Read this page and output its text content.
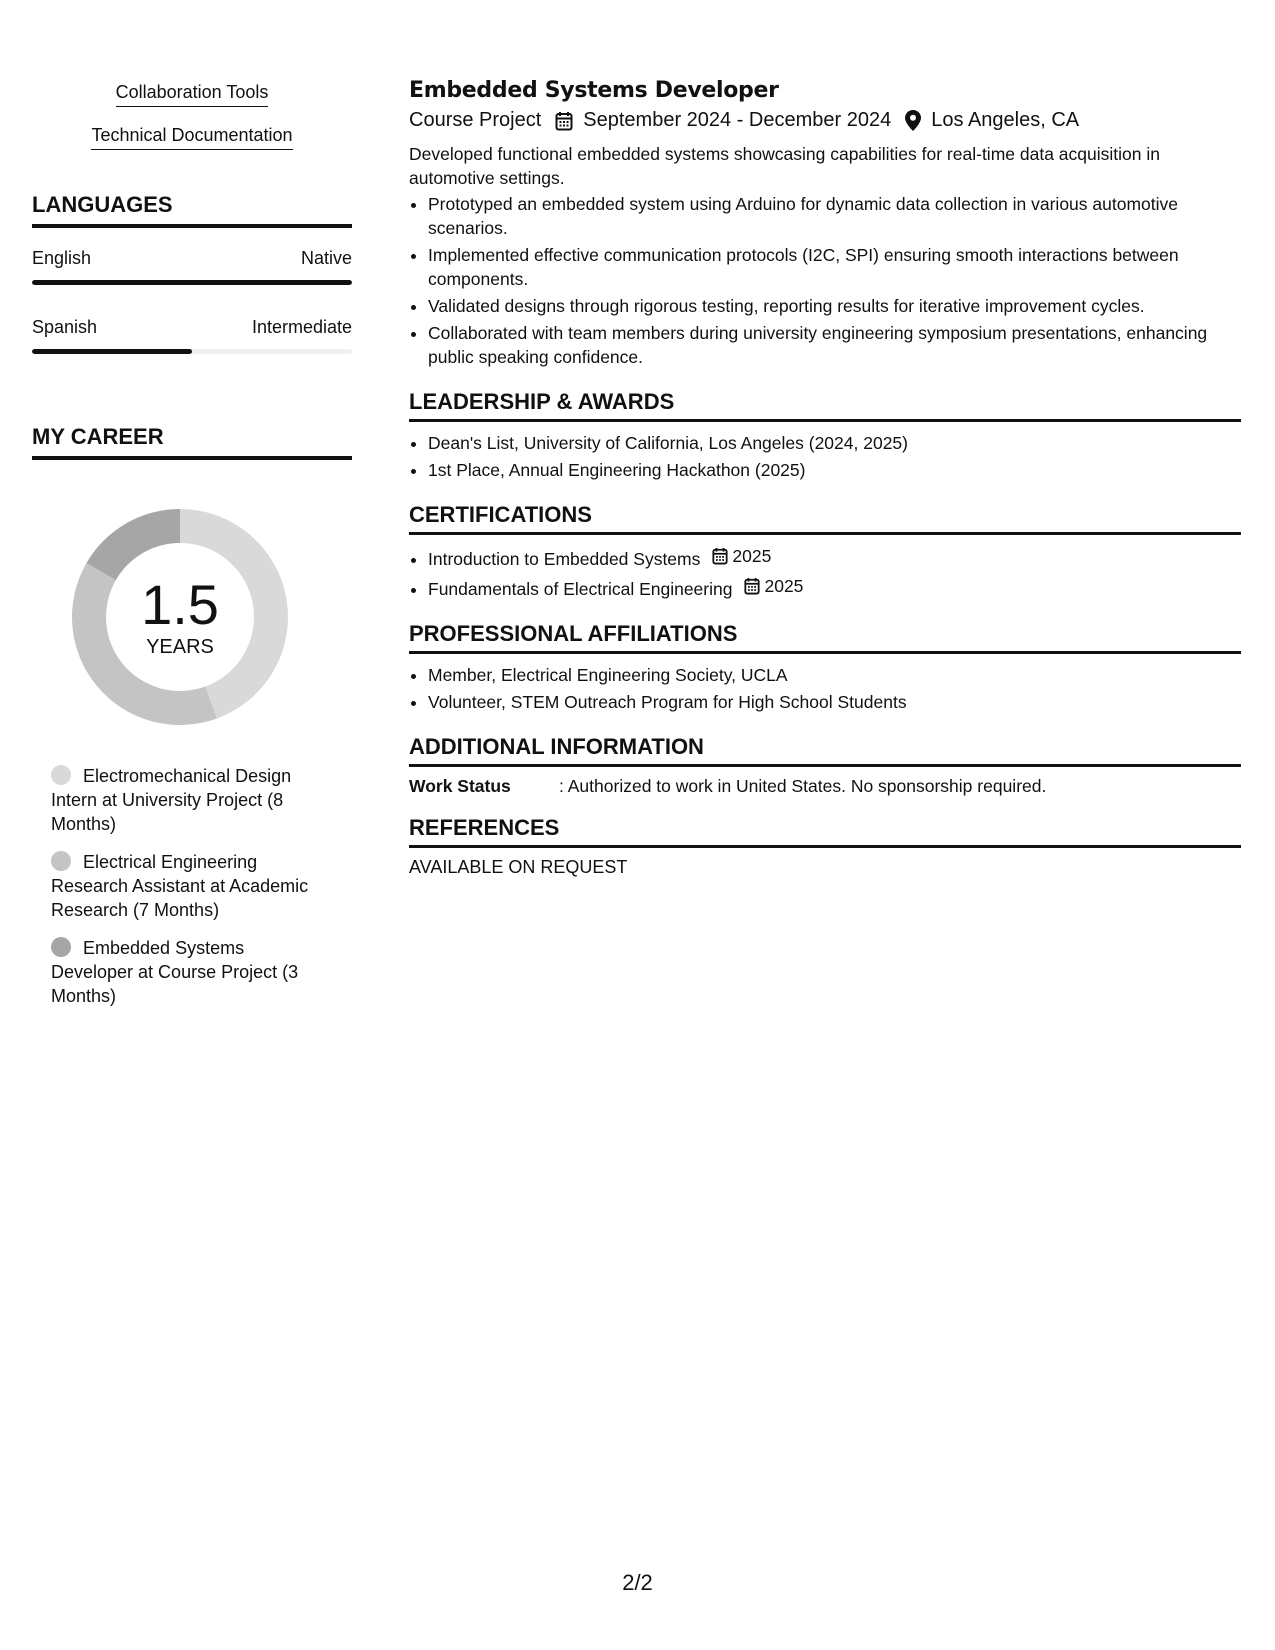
Collaboration Tools
Technical Documentation
LANGUAGES
English	Native
Spanish	Intermediate
MY CAREER
1.5
YEARS
Electromechanical Design Intern at University Project (8 Months)
Electrical Engineering Research Assistant at Academic Research (7 Months)
Embedded Systems Developer at Course Project (3 Months)
Embedded Systems Developer
Course Project September 2024 - December 2024 Los Angeles, CA

Developed functional embedded systems showcasing capabilities for real-time data acquisition in automotive settings.

• Prototyped an embedded system using Arduino for dynamic data collection in various automotive scenarios.
• Implemented effective communication protocols (I2C, SPI) ensuring smooth interactions between components.
• Validated designs through rigorous testing, reporting results for iterative improvement cycles.
• Collaborated with team members during university engineering symposium presentations, enhancing public speaking confidence.
LEADERSHIP & AWARDS
• Dean's List, University of California, Los Angeles (2024, 2025)
• 1st Place, Annual Engineering Hackathon (2025)
CERTIFICATIONS
• Introduction to Embedded Systems 2025
• Fundamentals of Electrical Engineering 2025
PROFESSIONAL AFFILIATIONS
• Member, Electrical Engineering Society, UCLA
• Volunteer, STEM Outreach Program for High School Students
ADDITIONAL INFORMATION
Work Status	: Authorized to work in United States. No sponsorship required.
REFERENCES
AVAILABLE ON REQUEST
2/2
